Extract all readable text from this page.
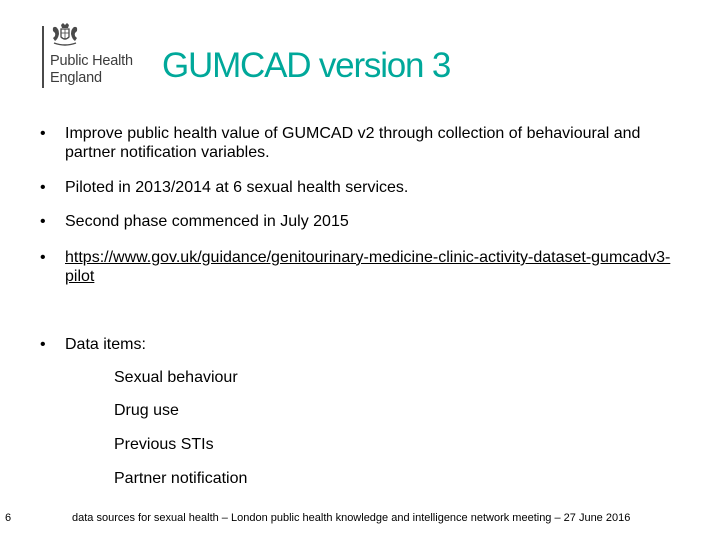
Public Health
England GUMCAD version 3
• Improve public health value of GUMCAD v2 through collection of behavioural and partner notification variables.
• Piloted in 2013/2014 at 6 sexual health services.
• Second phase commenced in July 2015
• https://www.gov.uk/guidance/genitourinary-medicine-clinic-activity-dataset-gumcadv3-pilot
• Data items:
Sexual behaviour
Drug use
Previous STIs
Partner notification
6	data sources for sexual health – London public health knowledge and intelligence network meeting – 27 June 2016
